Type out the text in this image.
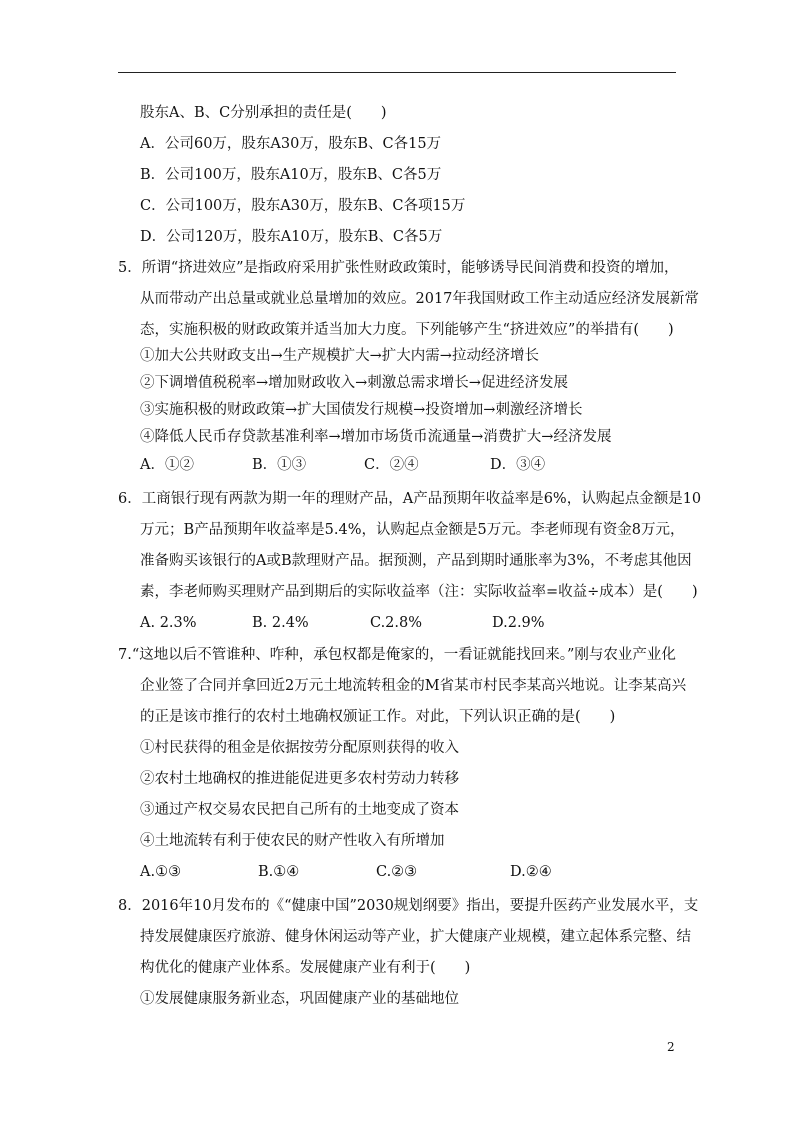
股东A、B、C分别承担的责任是(　　)
A．公司60万，股东A30万，股东B、C各15万
B．公司100万，股东A10万，股东B、C各5万
C．公司100万，股东A30万，股东B、C各项15万
D．公司120万，股东A10万，股东B、C各5万
5．所谓“挤进效应”是指政府采用扩张性财政政策时，能够诱导民间消费和投资的增加，
从而带动产出总量或就业总量增加的效应。2017年我国财政工作主动适应经济发展新常
态，实施积极的财政政策并适当加大力度。下列能够产生“挤进效应”的举措有(　　)
①加大公共财政支出→生产规模扩大→扩大内需→拉动经济增长
②下调增值税税率→增加财政收入→刺激总需求增长→促进经济发展
③实施积极的财政政策→扩大国债发行规模→投资增加→刺激经济增长
④降低人民币存贷款基准利率→增加市场货币流通量→消费扩大→经济发展
A．①②	B．①③	C．②④	D．③④
6．工商银行现有两款为期一年的理财产品，A产品预期年收益率是6%，认购起点金额是10
万元；B产品预期年收益率是5.4%，认购起点金额是5万元。李老师现有资金8万元，
准备购买该银行的A或B款理财产品。据预测，产品到期时通胀率为3%，不考虑其他因
素，李老师购买理财产品到期后的实际收益率（注：实际收益率=收益÷成本）是(　　)
A. 2.3%	B. 2.4%	C.2.8%	D.2.9%
7.“这地以后不管谁种、咋种，承包权都是俺家的，一看证就能找回来。”刚与农业产业化
企业签了合同并拿回近2万元土地流转租金的M省某市村民李某高兴地说。让李某高兴
的正是该市推行的农村土地确权颁证工作。对此，下列认识正确的是(　　)
①村民获得的租金是依据按劳分配原则获得的收入
②农村土地确权的推进能促进更多农村劳动力转移
③通过产权交易农民把自己所有的土地变成了资本
④土地流转有利于使农民的财产性收入有所增加
A.①③	B.①④	C.②③	D.②④
8．2016年10月发布的《“健康中国”2030规划纲要》指出，要提升医药产业发展水平，支
持发展健康医疗旅游、健身休闲运动等产业，扩大健康产业规模，建立起体系完整、结
构优化的健康产业体系。发展健康产业有利于(　　)
①发展健康服务新业态，巩固健康产业的基础地位
2
